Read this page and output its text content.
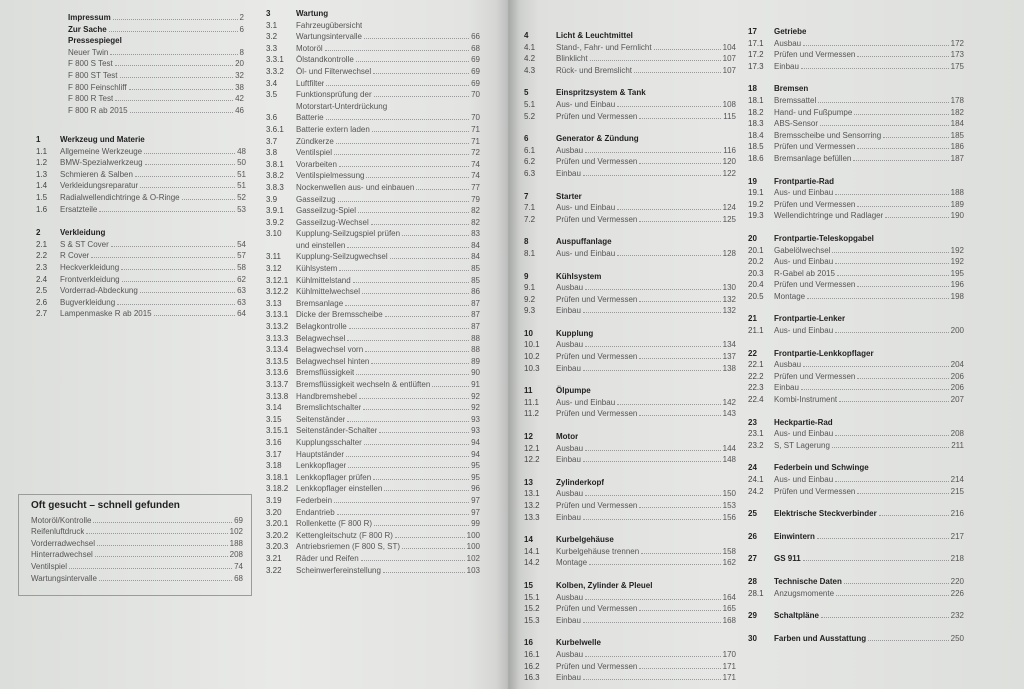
Impressum	2
Zur Sache	6
Pressespiegel
Neuer Twin	8
F 800 S Test	20
F 800 ST Test	32
F 800 Feinschliff	38
F 800 R Test	42
F 800 R ab 2015	46
1	Werkzeug und Materie
1.1	Allgemeine Werkzeuge	48
1.2	BMW-Spezialwerkzeug	50
1.3	Schmieren & Salben	51
1.4	Verkleidungsreparatur	51
1.5	Radialwellendichtringe & O-Ringe	52
1.6	Ersatzteile	53
2	Verkleidung
2.1	S & ST Cover	54
2.2	R Cover	57
2.3	Heckverkleidung	58
2.4	Frontverkleidung	62
2.5	Vorderrad-Abdeckung	63
2.6	Bugverkleidung	63
2.7	Lampenmaske R ab 2015	64
Oft gesucht – schnell gefunden
Motoröl/Kontrolle	69
Reifenluftdruck	102
Vorderradwechsel	188
Hinterradwechsel	208
Ventilspiel	74
Wartungsintervalle	68
3	Wartung
3.1	Fahrzeugübersicht
3.2	Wartungsintervalle	66
3.3	Motoröl	68
3.3.1	Ölstandkontrolle	69
3.3.2	Öl- und Filterwechsel	69
3.4	Luftfilter	69
3.5	Funktionsprüfung der	70
Motorstart-Unterdrückung
3.6	Batterie	70
3.6.1	Batterie extern laden	71
3.7	Zündkerze	71
3.8	Ventilspiel	72
3.8.1	Vorarbeiten	74
3.8.2	Ventilspielmessung	74
3.8.3	Nockenwellen aus- und einbauen	77
3.9	Gasseilzug	79
3.9.1	Gasseilzug-Spiel	82
3.9.2	Gasseilzug-Wechsel	82
3.10	Kupplung-Seilzugspiel prüfen	83
und einstellen	84
3.11	Kupplung-Seilzugwechsel	84
3.12	Kühlsystem	85
3.12.1 Kühlmittelstand	85
3.12.2 Kühlmittelwechsel	86
3.13	Bremsanlage	87
3.13.1 Dicke der Bremsscheibe	87
3.13.2 Belagkontrolle	87
3.13.3 Belagwechsel	88
3.13.4 Belagwechsel vorn	88
3.13.5 Belagwechsel hinten	89
3.13.6 Bremsflüssigkeit	90
3.13.7 Bremsflüssigkeit wechseln & entlüften	91
3.13.8 Handbremshebel	92
3.14	Bremslichtschalter	92
3.15	Seitenständer	93
3.15.1 Seitenständer-Schalter	93
3.16	Kupplungsschalter	94
3.17	Hauptständer	94
3.18	Lenkkopflager	95
3.18.1 Lenkkopflager prüfen	95
3.18.2 Lenkkopflager einstellen	96
3.19	Federbein	97
3.20	Endantrieb	97
3.20.1 Rollenkette (F 800 R)	99
3.20.2 Kettengleitschutz (F 800 R)	100
3.20.3 Antriebsriemen (F 800 S, ST)	100
3.21	Räder und Reifen	102
3.22	Scheinwerfereinstellung	103
4	Licht & Leuchtmittel
4.1	Stand-, Fahr- und Fernlicht	104
4.2	Blinklicht	107
4.3	Rück- und Bremslicht	107
5	Einspritzsystem & Tank
5.1	Aus- und Einbau	108
5.2	Prüfen und Vermessen	115
6	Generator & Zündung
6.1	Ausbau	116
6.2	Prüfen und Vermessen	120
6.3	Einbau	122
7	Starter
7.1	Aus- und Einbau	124
7.2	Prüfen und Vermessen	125
8	Auspuffanlage
8.1	Aus- und Einbau	128
9	Kühlsystem
9.1	Ausbau	130
9.2	Prüfen und Vermessen	132
9.3	Einbau	132
10	Kupplung
10.1	Ausbau	134
10.2	Prüfen und Vermessen	137
10.3	Einbau	138
11	Ölpumpe
11.1	Aus- und Einbau	142
11.2	Prüfen und Vermessen	143
12	Motor
12.1	Ausbau	144
12.2	Einbau	148
13	Zylinderkopf
13.1	Ausbau	150
13.2	Prüfen und Vermessen	153
13.3	Einbau	156
14	Kurbelgehäuse
14.1	Kurbelgehäuse trennen	158
14.2	Montage	162
15	Kolben, Zylinder & Pleuel
15.1	Ausbau	164
15.2	Prüfen und Vermessen	165
15.3	Einbau	168
16	Kurbelwelle
16.1	Ausbau	170
16.2	Prüfen und Vermessen	171
16.3	Einbau	171
17	Getriebe
17.1	Ausbau	172
17.2	Prüfen und Vermessen	173
17.3	Einbau	175
18	Bremsen
18.1	Bremssattel	178
18.2	Hand- und Fußpumpe	182
18.3	ABS-Sensor	184
18.4	Bremsscheibe und Sensorring	185
18.5	Prüfen und Vermessen	186
18.6	Bremsanlage befüllen	187
19	Frontpartie-Rad
19.1	Aus- und Einbau	188
19.2	Prüfen und Vermessen	189
19.3	Wellendichtringe und Radlager	190
20	Frontpartie-Teleskopgabel
20.1	Gabelölwechsel	192
20.2	Aus- und Einbau	192
20.3	R-Gabel ab 2015	195
20.4	Prüfen und Vermessen	196
20.5	Montage	198
21	Frontpartie-Lenker
21.1	Aus- und Einbau	200
22	Frontpartie-Lenkkopflager
22.1	Ausbau	204
22.2	Prüfen und Vermessen	206
22.3	Einbau	206
22.4	Kombi-Instrument	207
23	Heckpartie-Rad
23.1	Aus- und Einbau	208
23.2	S, ST Lagerung	211
24	Federbein und Schwinge
24.1	Aus- und Einbau	214
24.2	Prüfen und Vermessen	215
25	Elektrische Steckverbinder	216
26	Einwintern	217
27	GS 911	218
28	Technische Daten	220
28.1	Anzugsmomente	226
29	Schaltpläne	232
30	Farben und Ausstattung	250
